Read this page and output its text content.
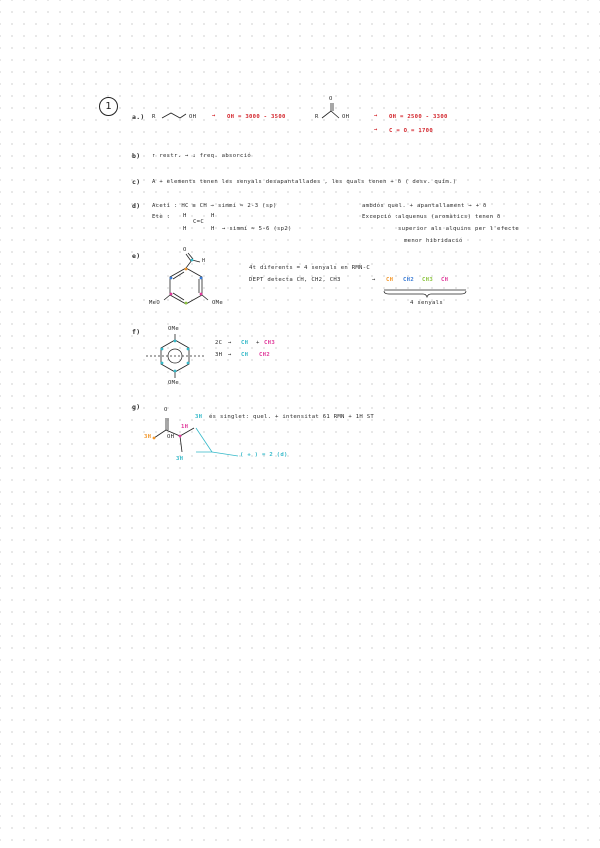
1
a.) R	OH	→ OH = 3000 - 3500
O
R	OH	→ OH = 2500 - 3300
→ C = O = 1700
b) ↑ restr. → ↓ freq. absorció
c) A + elements tenen les senyals desapantallades , les quals tenen + δ ( desv. quím.)
d) Acetí : HC ≡ CH → simmí ≈ 2-3 (sp)	ambdós quel. + apantallament → + δ
Etè : H
C=C
H
H	H → simmí ≈ 5-6 (sp2)
Excepció : alquenus (aromàtics) tenen δ
superior als alquins per l'efecte
menor hibridació
e)
O
H
MeO	OMe
4t diferents = 4 senyals en RMN-C
DEPT detecta CH, CH2, CH3	→ CH CH2 CH3 CH
4 senyals
f)	OMe
OMe
2C → CH + CH3
3H → CH CH2
g)	O
3H és singlet: quel. + intensitat 61 RMN + 1H ST
3H	OH
1H
3H
( + ) = 2 (d)
